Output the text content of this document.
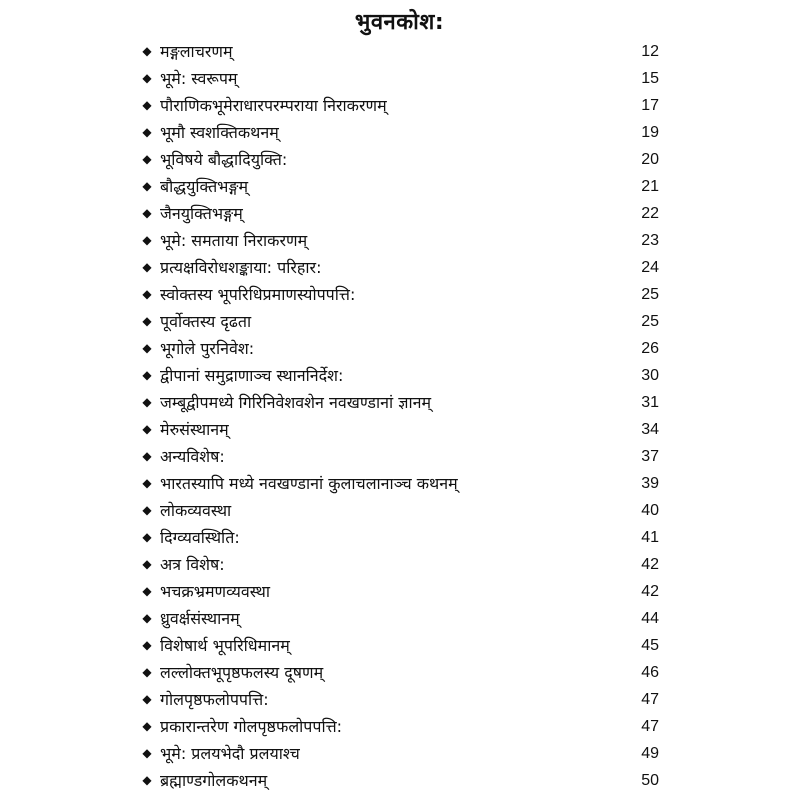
भुवनकोश:
◆ मङ्गलाचरणम्	12
◆ भूमे: स्वरूपम्	15
◆ पौराणिकभूमेराधारपरम्पराया निराकरणम्	17
◆ भूमौ स्वशक्तिकथनम्	19
◆ भूविषये बौद्धादियुक्ति:	20
◆ बौद्धयुक्तिभङ्गम्	21
◆ जैनयुक्तिभङ्गम्	22
◆ भूमे: समताया निराकरणम्	23
◆ प्रत्यक्षविरोधशङ्काया: परिहार:	24
◆ स्वोक्तस्य भूपरिधिप्रमाणस्योपपत्ति:	25
◆ पूर्वोक्तस्य दृढता	25
◆ भूगोले पुरनिवेश:	26
◆ द्वीपानां समुद्राणाञ्च स्थाननिर्देश:	30
◆ जम्बूद्वीपमध्ये गिरिनिवेशवशेन नवखण्डानां ज्ञानम्	31
◆ मेरुसंस्थानम्	34
◆ अन्यविशेष:	37
◆ भारतस्यापि मध्ये नवखण्डानां कुलाचलानाञ्च कथनम्	39
◆ लोकव्यवस्था	40
◆ दिग्व्यवस्थिति:	41
◆ अत्र विशेष:	42
◆ भचक्रभ्रमणव्यवस्था	42
◆ ध्रुवर्क्षसंस्थानम्	44
◆ विशेषार्थ भूपरिधिमानम्	45
◆ लल्लोक्तभूपृष्ठफलस्य दूषणम्	46
◆ गोलपृष्ठफलोपपत्ति:	47
◆ प्रकारान्तरेण गोलपृष्ठफलोपपत्ति:	47
◆ भूमे: प्रलयभेदौ प्रलयाश्च	49
◆ ब्रह्माण्डगोलकथनम्	50
